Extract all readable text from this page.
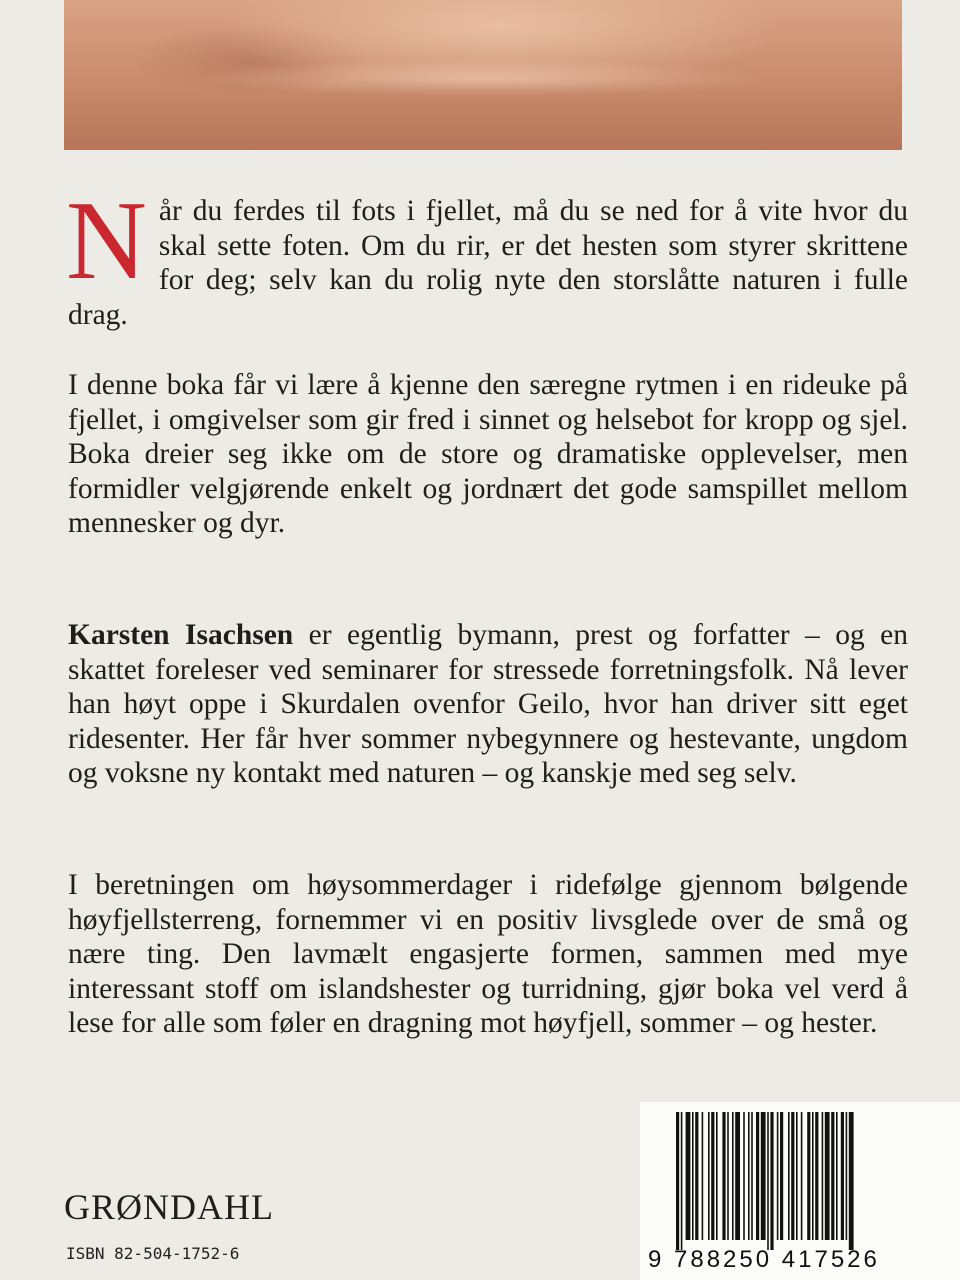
Når du ferdes til fots i fjellet, må du se ned for å vite hvor du skal sette foten. Om du rir, er det hesten som styrer skrittene for deg; selv kan du rolig nyte den storslåtte naturen i fulle drag.
I denne boka får vi lære å kjenne den særegne rytmen i en rideuke på fjellet, i omgivelser som gir fred i sinnet og helsebot for kropp og sjel. Boka dreier seg ikke om de store og dramatiske opplevelser, men formidler velgjørende enkelt og jordnært det gode samspillet mellom mennesker og dyr.
Karsten Isachsen er egentlig bymann, prest og forfatter – og en skattet foreleser ved seminarer for stressede forretningsfolk. Nå lever han høyt oppe i Skurdalen ovenfor Geilo, hvor han driver sitt eget ridesenter. Her får hver sommer nybegynnere og hestevante, ungdom og voksne ny kontakt med naturen – og kanskje med seg selv.
I beretningen om høysommerdager i ridefølge gjennom bølgende høyfjellsterreng, fornemmer vi en positiv livsglede over de små og nære ting. Den lavmælt engasjerte formen, sammen med mye interessant stoff om islandshester og turridning, gjør boka vel verd å lese for alle som føler en dragning mot høyfjell, sommer – og hester.
GRØNDAHL
ISBN 82-504-1752-6	9 788250 417526
